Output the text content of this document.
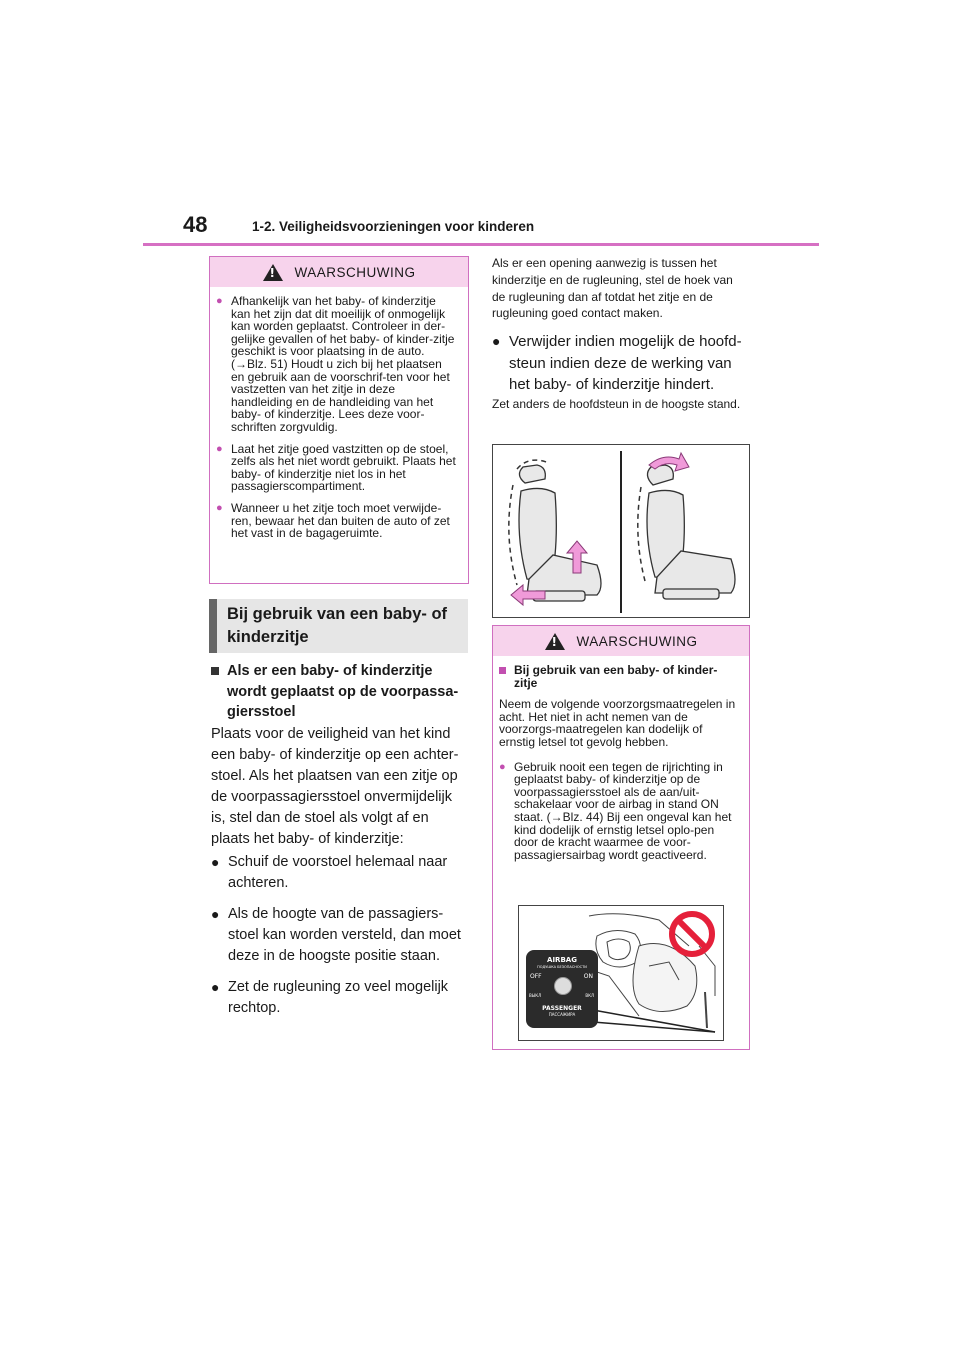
48	1-2. Veiligheidsvoorzieningen voor kinderen
!
WAARSCHUWING
● Afhankelijk van het baby- of kinderzitje kan het zijn dat dit moeilijk of onmogelijk kan worden geplaatst. Controleer in der-gelijke gevallen of het baby- of kinder-zitje geschikt is voor plaatsing in de auto. (→Blz. 51) Houdt u zich bij het plaatsen en gebruik aan de voorschrif-ten voor het vastzetten van het zitje in deze handleiding en de handleiding van het baby- of kinderzitje. Lees deze voor-schriften zorgvuldig.
● Laat het zitje goed vastzitten op de stoel, zelfs als het niet wordt gebruikt. Plaats het baby- of kinderzitje niet los in het passagierscompartiment.
● Wanneer u het zitje toch moet verwijde-ren, bewaar het dan buiten de auto of zet het vast in de bagageruimte.
Bij gebruik van een baby- of
kinderzitje
Als er een baby- of kinderzitje wordt geplaatst op de voorpassa-giersstoel
Plaats voor de veiligheid van het kind een baby- of kinderzitje op een achter-stoel. Als het plaatsen van een zitje op de voorpassagiersstoel onvermijdelijk is, stel dan de stoel als volgt af en plaats het baby- of kinderzitje:
● Schuif de voorstoel helemaal naar achteren.
● Als de hoogte van de passagiers-stoel kan worden versteld, dan moet deze in de hoogste positie staan.
● Zet de rugleuning zo veel mogelijk rechtop.
Als er een opening aanwezig is tussen het kinderzitje en de rugleuning, stel de hoek van de rugleuning dan af totdat het zitje en de rugleuning goed contact maken.
● Verwijder indien mogelijk de hoofd-steun indien deze de werking van het baby- of kinderzitje hindert.
Zet anders de hoofdsteun in de hoogste stand.
!
WAARSCHUWING
Bij gebruik van een baby- of kinder-zitje
Neem de volgende voorzorgsmaatregelen in acht. Het niet in acht nemen van de voorzorgs-maatregelen kan dodelijk of ernstig letsel tot gevolg hebben.
● Gebruik nooit een tegen de rijrichting in geplaatst baby- of kinderzitje op de voorpassagiersstoel als de aan/uit-schakelaar voor de airbag in stand ON staat. (→Blz. 44) Bij een ongeval kan het kind dodelijk of ernstig letsel oplo-pen door de kracht waarmee de voor-passagiersairbag wordt geactiveerd.
AIRBAG
ПОДУШКА БЕЗОПАСНОСТИ
OFF	ON
ВЫКЛ	ВКЛ
PASSENGER
ПАССАЖИРА
